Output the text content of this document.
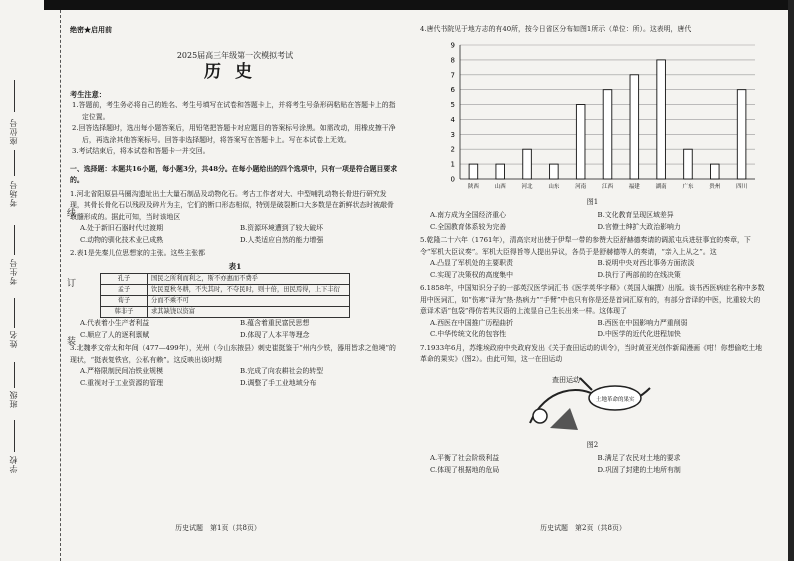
座位号
考场号
考生号
姓名
班级
学校
线
订
装
绝密★启用前
2025届高三年级第一次模拟考试
历史
考生注意：
1.答题前，考生务必将自己的姓名、考生号填写在试卷和答题卡上，并将考生号条形码粘贴在答题卡上的指定位置。
2.回答选择题时，选出每小题答案后，用铅笔把答题卡对应题目的答案标号涂黑。如需改动，用橡皮擦干净后，再选涂其他答案标号。回答非选择题时，将答案写在答题卡上。写在本试卷上无效。
3.考试结束后，将本试卷和答题卡一并交回。
一、选择题：本题共16小题，每小题3分，共48分。在每小题给出的四个选项中，只有一项是符合题目要求的。
1.河北省阳原县马圈沟遗址出土大量石制品及动物化石。考古工作者对大、中型哺乳动物长骨进行研究发现，其骨长骨化石以残段及碎片为主，它们的断口形态相似，特别是破裂断口大多数是在新鲜状态时被敲骨取髓形成的。据此可知，当时该地区
A.处于新旧石器时代过渡期	B.资源环境遭到了较大破坏
C.动物的驯化技术业已成熟	D.人类适应自然的能力增强
2.表1是先秦儿位思想家的主张。这些主张都
表1
孔子	国民之所利而利之，斯不亦惠而不费乎
孟子	饮民夏秋冬耕，不失其时，不夺民时，则十倍，田民焉得，上下丰衍
荀子	分而不乘不可
韩非子	求其缺饶以资富
A.代表着小生产者利益	B.蕴含着重民富民思想
C.顺应了人的逐利禀赋	D.体现了人本平等理念
3.北魏孝文帝太和年间（477—499年），光州（今山东掖县）刺史崔挺鉴于“州内少铁，器用皆求之他境”的现状，“挺表复铁官，公私有赖”。这反映出该时期
A.严格限制民间冶铁业规模	B.完成了向农耕社会的转型
C.重视对于工业资源的管理	D.调整了手工业地域分布
历史试题　第1页（共8页）
4.唐代书院见于地方志的有40所，按今日省区分布如图1所示（单位：所）。这表明，唐代
0
1
2
3
4
5
6
7
8
9
陕西	山西	河北	山东	河南	江西	福建	湖南	广东	贵州	四川
图1
A.南方成为全国经济重心	B.文化教育呈现区域差异
C.全国教育体系较为完善	D.官僚士绅扩大政治影响力
5.乾隆二十六年（1761年），清高宗对出使于伊犁一带的参赞大臣舒赫德奏请的调派屯兵进驻事宜的奏章，下令“军机大臣议奏”。军机大臣得旨等人提出异议，各员于是舒赫德等人的奏请，“亲入上从之”。这
A.凸显了军机处的主要职责	B.说明中央对西北事务方面浓淡
C.实现了决策权的高度集中	D.执行了两部前的在线决策
6.1858年，中国知识分子的一部英汉医学词汇书《医学英华字释》（英国人编撰）出版。该书西医病症名称中多数用中医词汇，如“伤寒”译为“热·热病力”“手臂”中也只有你是还是首词汇原有的，有部分音译的中医，比重较大的意译术语“包袋”得仿若其汉语的上流显自己生长出来一样。这体现了
A.西医在中国推广历程曲折	B.西医在中国影响力严重削弱
C.中华传统文化的包容性	D.中医学的近代化进程加快
7.1933年6月，苏维埃政府中央政府发出《关于查田运动的训令》，当时黄亚光创作新闻漫画《咁！你想偷吃土地革命的果实》（图2）。由此可知，这一在田运动
查田运动
土地革命的果实
图2
A.平衡了社会阶级利益	B.满足了农民对土地的要求
C.体现了根据地的危局	D.巩固了封建的土地所有制
历史试题　第2页（共8页）
